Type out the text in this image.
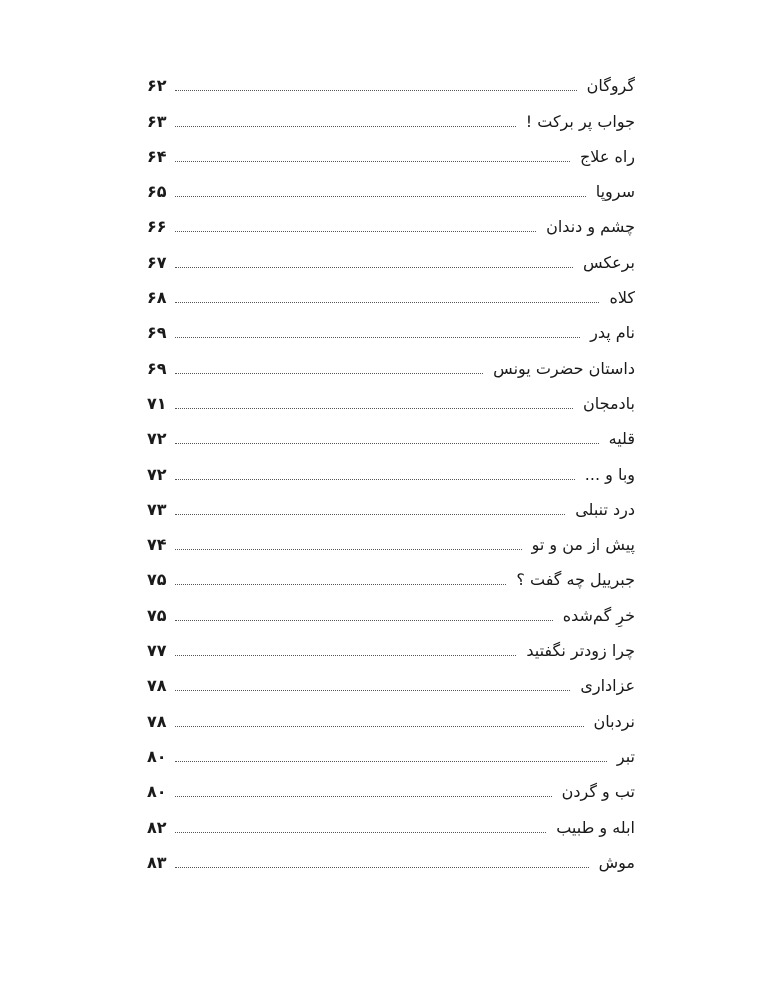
۶۲	گروگان
۶۳	جواب پر برکت !
۶۴	راه علاج
۶۵	سروپا
۶۶	چشم و دندان
۶۷	برعکس
۶۸	کلاه
۶۹	نام پدر
۶۹	داستان حضرت یونس
۷۱	بادمجان
۷۲	قلیه
۷۲	وبا و ...
۷۳	درد تنبلی
۷۴	پیش از من و تو
۷۵	جبرییل چه گفت ؟
۷۵	خرِ گم‌شده
۷۷	چرا زودتر نگفتید
۷۸	عزاداری
۷۸	نردبان
۸۰	تبر
۸۰	تب و گردن
۸۲	ابله و طبیب
۸۳	موش
